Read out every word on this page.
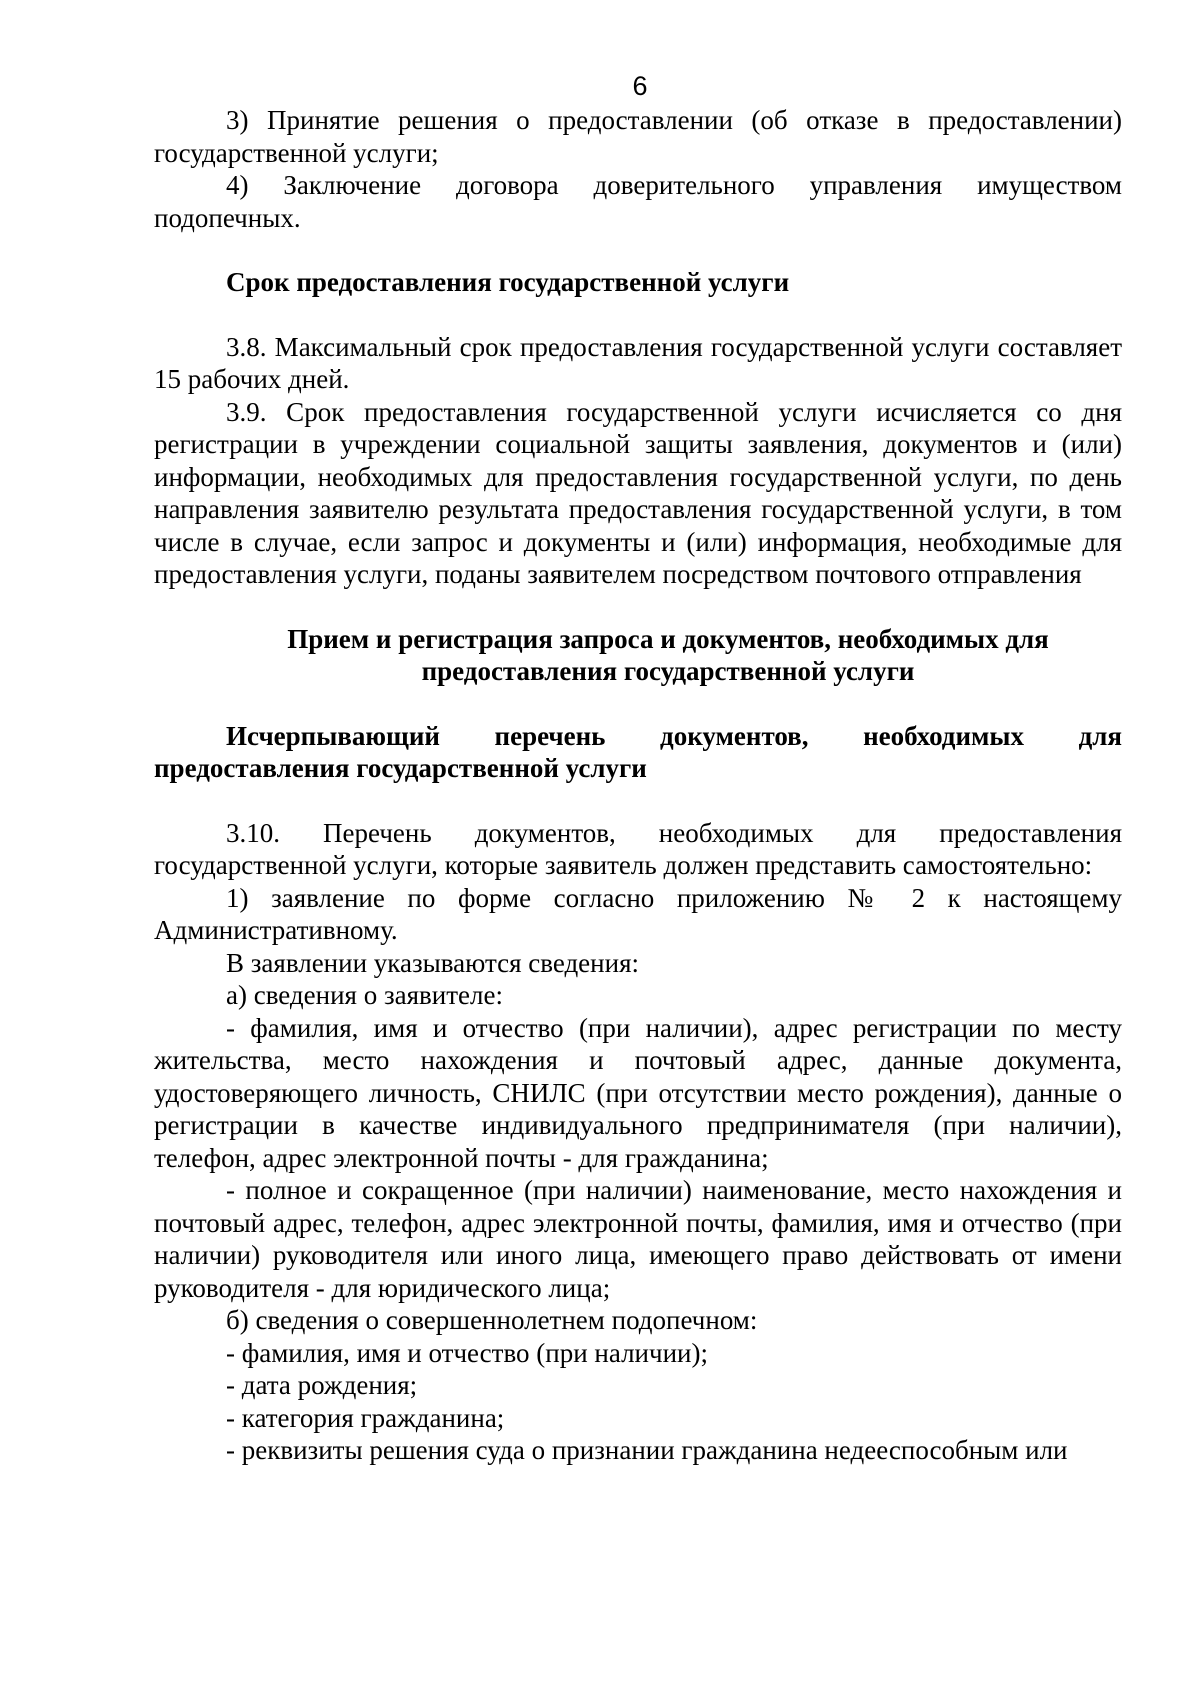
6

3) Принятие решения о предоставлении (об отказе в предоставлении) государственной услуги;

4) Заключение договора доверительного управления имуществом подопечных.

Срок предоставления государственной услуги

3.8. Максимальный срок предоставления государственной услуги составляет 15 рабочих дней.

3.9. Срок предоставления государственной услуги исчисляется со дня регистрации в учреждении социальной защиты заявления, документов и (или) информации, необходимых для предоставления государственной услуги, по день направления заявителю результата предоставления государственной услуги, в том числе в случае, если запрос и документы и (или) информация, необходимые для предоставления услуги, поданы заявителем посредством почтового отправления

Прием и регистрация запроса и документов, необходимых для предоставления государственной услуги

Исчерпывающий перечень документов, необходимых для предоставления государственной услуги

3.10. Перечень документов, необходимых для предоставления государственной услуги, которые заявитель должен представить самостоятельно:

1) заявление по форме согласно приложению № 2 к настоящему Административному.

В заявлении указываются сведения:

а) сведения о заявителе:

- фамилия, имя и отчество (при наличии), адрес регистрации по месту жительства, место нахождения и почтовый адрес, данные документа, удостоверяющего личность, СНИЛС (при отсутствии место рождения), данные о регистрации в качестве индивидуального предпринимателя (при наличии), телефон, адрес электронной почты - для гражданина;

- полное и сокращенное (при наличии) наименование, место нахождения и почтовый адрес, телефон, адрес электронной почты, фамилия, имя и отчество (при наличии) руководителя или иного лица, имеющего право действовать от имени руководителя - для юридического лица;

б) сведения о совершеннолетнем подопечном:

- фамилия, имя и отчество (при наличии);

- дата рождения;

- категория гражданина;

- реквизиты решения суда о признании гражданина недееспособным или
